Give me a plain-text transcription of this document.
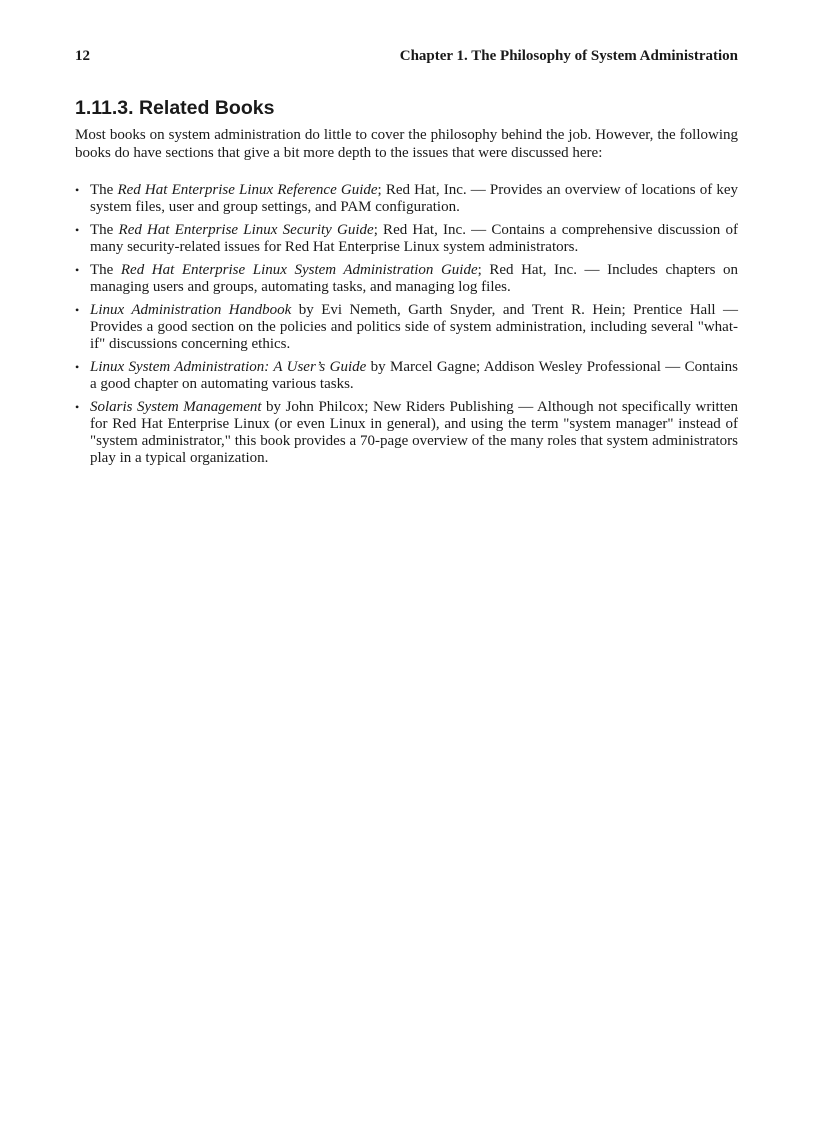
12	Chapter 1. The Philosophy of System Administration
1.11.3. Related Books

Most books on system administration do little to cover the philosophy behind the job. However, the following books do have sections that give a bit more depth to the issues that were discussed here:

• The Red Hat Enterprise Linux Reference Guide; Red Hat, Inc. — Provides an overview of locations of key system files, user and group settings, and PAM configuration.
• The Red Hat Enterprise Linux Security Guide; Red Hat, Inc. — Contains a comprehensive discussion of many security-related issues for Red Hat Enterprise Linux system administrators.
• The Red Hat Enterprise Linux System Administration Guide; Red Hat, Inc. — Includes chapters on managing users and groups, automating tasks, and managing log files.
• Linux Administration Handbook by Evi Nemeth, Garth Snyder, and Trent R. Hein; Prentice Hall — Provides a good section on the policies and politics side of system administration, including several "what-if" discussions concerning ethics.
• Linux System Administration: A User’s Guide by Marcel Gagne; Addison Wesley Professional — Contains a good chapter on automating various tasks.
• Solaris System Management by John Philcox; New Riders Publishing — Although not specifically written for Red Hat Enterprise Linux (or even Linux in general), and using the term "system manager" instead of "system administrator," this book provides a 70-page overview of the many roles that system administrators play in a typical organization.
